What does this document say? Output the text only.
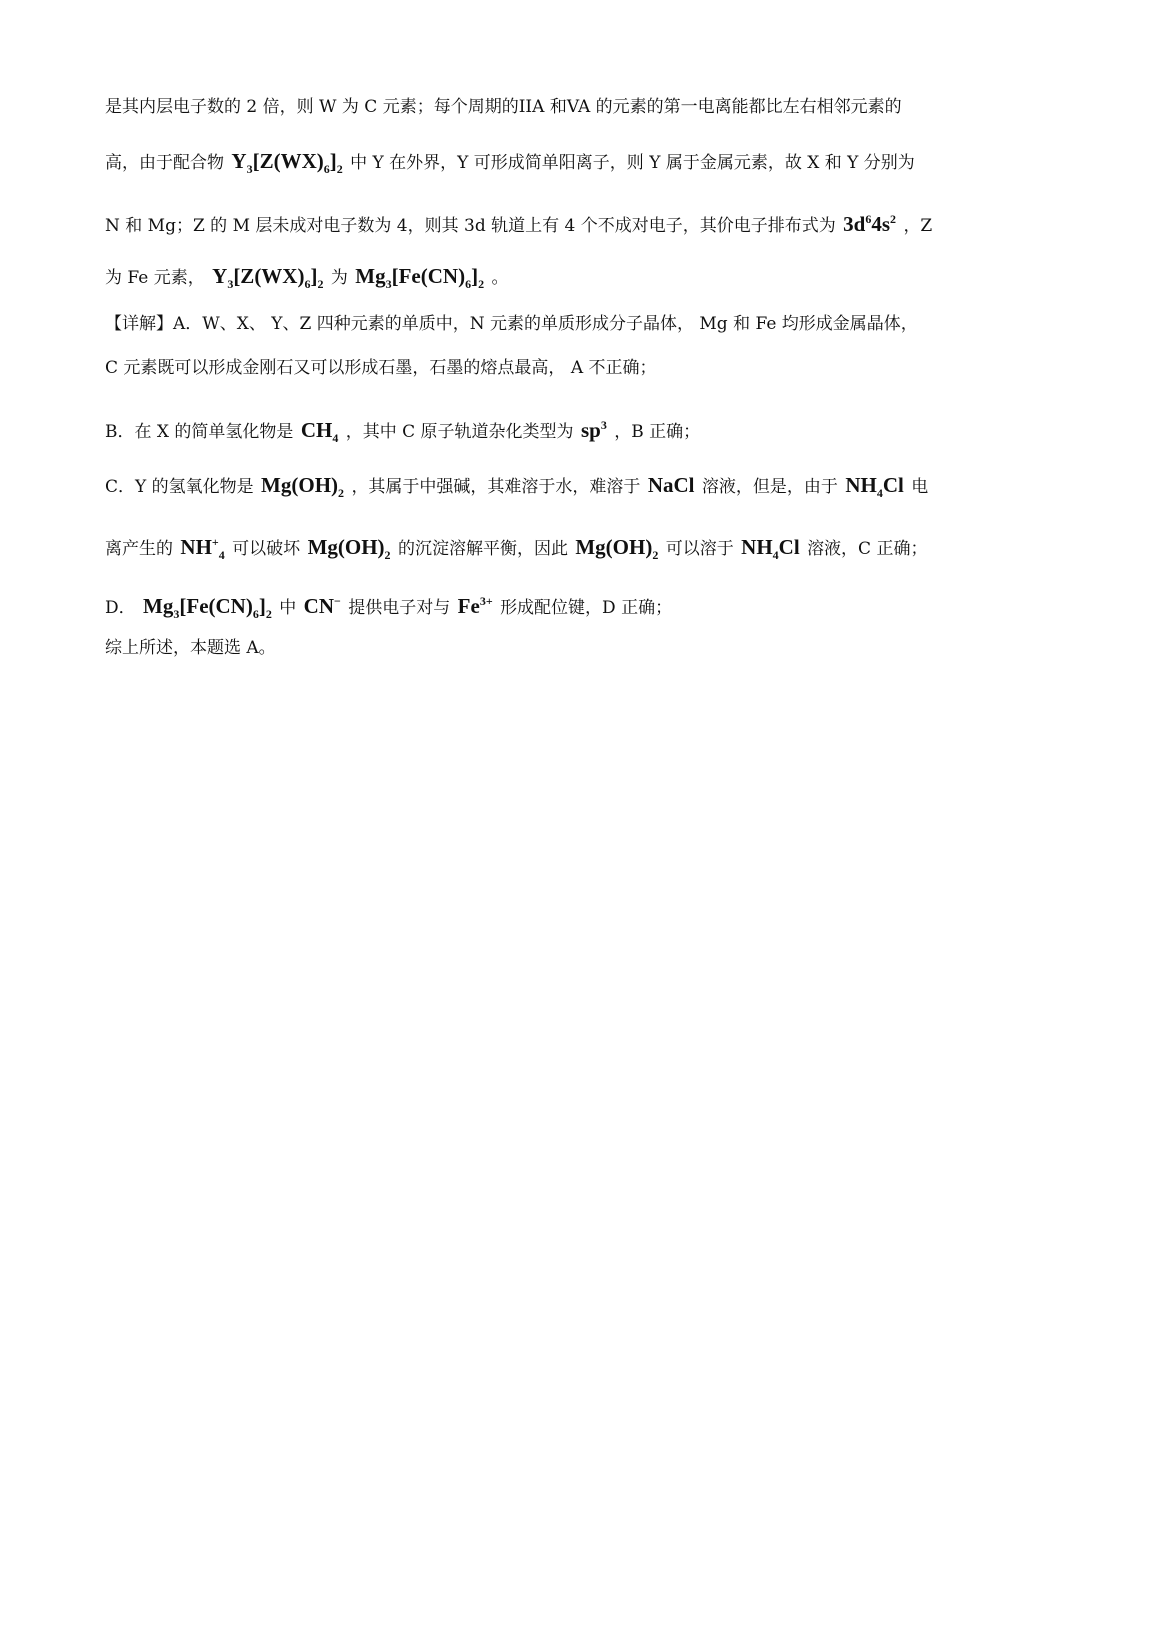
是其内层电子数的 2 倍，则 W 为 C 元素；每个周期的IIA 和VA 的元素的第一电离能都比左右相邻元素的
高，由于配合物 $Y_3[Z(WX)_6]_2$ 中 Y 在外界，Y 可形成简单阳离子，则 Y 属于金属元素，故 X 和 Y 分别为
N 和 Mg；Z 的 M 层未成对电子数为 4，则其 3d 轨道上有 4 个不成对电子，其价电子排布式为 $3d^64s^2$ ，Z
为 Fe 元素， $Y_3[Z(WX)_6]_2$ 为 $Mg_3[Fe(CN)_6]_2$ 。
【详解】A．W、X、 Y、Z 四种元素的单质中，N 元素的单质形成分子晶体， Mg 和 Fe 均形成金属晶体，
C 元素既可以形成金刚石又可以形成石墨，石墨的熔点最高， A 不正确；
B．在 X 的简单氢化物是 $CH_4$ ，其中 C 原子轨道杂化类型为 $sp^3$ ，B 正确；
C．Y 的氢氧化物是 $Mg(OH)_2$ ，其属于中强碱，其难溶于水，难溶于 NaCl 溶液，但是，由于 $NH_4Cl$ 电
离产生的 $NH^+_4$ 可以破坏 $Mg(OH)_2$ 的沉淀溶解平衡，因此 $Mg(OH)_2$ 可以溶于 $NH_4Cl$ 溶液，C 正确；
D． $Mg_3[Fe(CN)_6]_2$ 中 CN− 提供电子对与 $Fe^{3+}$ 形成配位键，D 正确；
综上所述，本题选 A。
